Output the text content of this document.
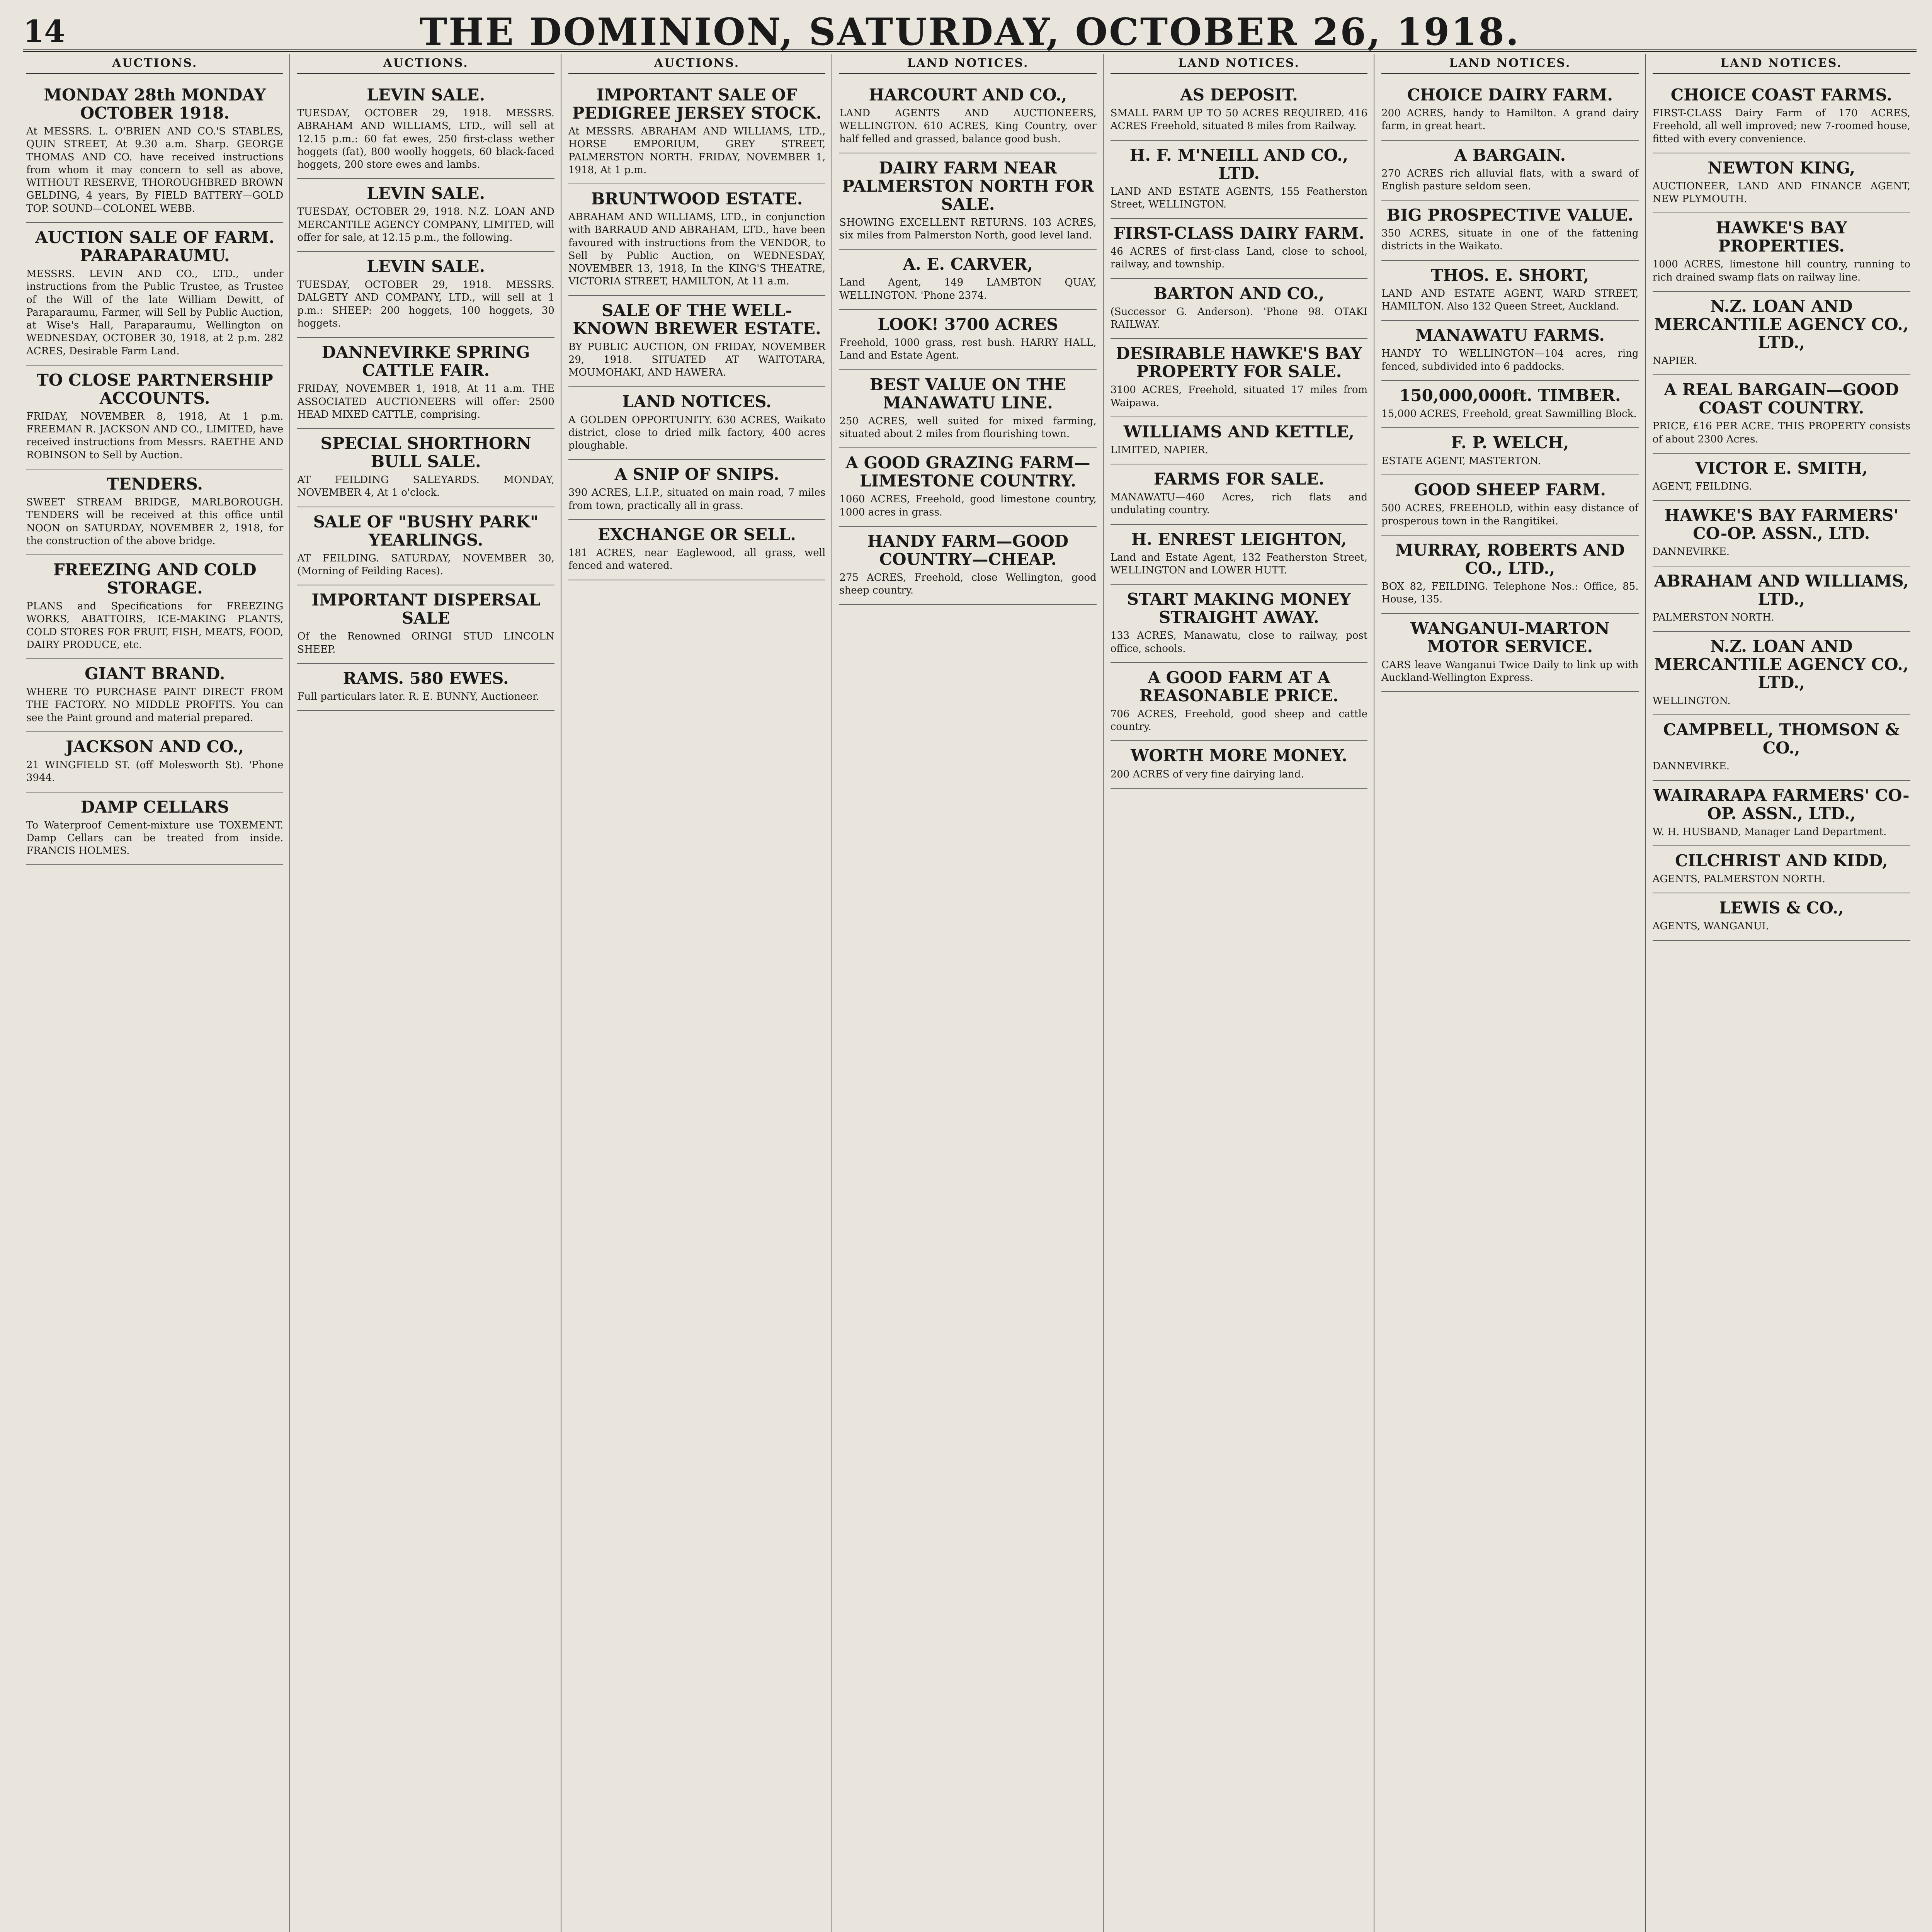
14	THE DOMINION, SATURDAY, OCTOBER 26, 1918.
AUCTIONS.
MONDAY 28th MONDAY OCTOBER 1918.
At MESSRS. L. O'BRIEN AND CO.'S STABLES, QUIN STREET, At 9.30 a.m. Sharp. GEORGE THOMAS AND CO. have received instructions from whom it may concern to sell as above, WITHOUT RESERVE, THOROUGHBRED BROWN GELDING, 4 years, By FIELD BATTERY—GOLD TOP. SOUND—COLONEL WEBB.
AUCTION SALE OF FARM. PARAPARAUMU.
MESSRS. LEVIN AND CO., LTD., under instructions from the Public Trustee, as Trustee of the Will of the late William Dewitt, of Paraparaumu, Farmer, will Sell by Public Auction, at Wise's Hall, Paraparaumu, Wellington on WEDNESDAY, OCTOBER 30, 1918, at 2 p.m. 282 ACRES, Desirable Farm Land.
TO CLOSE PARTNERSHIP ACCOUNTS.
FRIDAY, NOVEMBER 8, 1918, At 1 p.m. FREEMAN R. JACKSON AND CO., LIMITED, have received instructions from Messrs. RAETHE AND ROBINSON to Sell by Auction.
TENDERS.
SWEET STREAM BRIDGE, MARLBOROUGH. TENDERS will be received at this office until NOON on SATURDAY, NOVEMBER 2, 1918, for the construction of the above bridge.
FREEZING AND COLD STORAGE.
PLANS and Specifications for FREEZING WORKS, ABATTOIRS, ICE-MAKING PLANTS, COLD STORES FOR FRUIT, FISH, MEATS, FOOD, DAIRY PRODUCE, etc.
GIANT BRAND.
WHERE TO PURCHASE PAINT DIRECT FROM THE FACTORY. NO MIDDLE PROFITS. You can see the Paint ground and material prepared.
JACKSON AND CO.,
21 WINGFIELD ST. (off Molesworth St). 'Phone 3944.
DAMP CELLARS
To Waterproof Cement-mixture use TOXEMENT. Damp Cellars can be treated from inside. FRANCIS HOLMES.
AUCTIONS.
LEVIN SALE.
TUESDAY, OCTOBER 29, 1918. MESSRS. ABRAHAM AND WILLIAMS, LTD., will sell at 12.15 p.m.: 60 fat ewes, 250 first-class wether hoggets (fat), 800 woolly hoggets, 60 black-faced hoggets, 200 store ewes and lambs.
LEVIN SALE.
TUESDAY, OCTOBER 29, 1918. N.Z. LOAN AND MERCANTILE AGENCY COMPANY, LIMITED, will offer for sale, at 12.15 p.m., the following.
LEVIN SALE.
TUESDAY, OCTOBER 29, 1918. MESSRS. DALGETY AND COMPANY, LTD., will sell at 1 p.m.: SHEEP: 200 hoggets, 100 hoggets, 30 hoggets.
DANNEVIRKE SPRING CATTLE FAIR.
FRIDAY, NOVEMBER 1, 1918, At 11 a.m. THE ASSOCIATED AUCTIONEERS will offer: 2500 HEAD MIXED CATTLE, comprising.
SPECIAL SHORTHORN BULL SALE.
AT FEILDING SALEYARDS. MONDAY, NOVEMBER 4, At 1 o'clock.
SALE OF "BUSHY PARK" YEARLINGS.
AT FEILDING. SATURDAY, NOVEMBER 30, (Morning of Feilding Races).
IMPORTANT DISPERSAL SALE
Of the Renowned ORINGI STUD LINCOLN SHEEP.
RAMS. 580 EWES.
Full particulars later. R. E. BUNNY, Auctioneer.
AUCTIONS.
IMPORTANT SALE OF PEDIGREE JERSEY STOCK.
At MESSRS. ABRAHAM AND WILLIAMS, LTD., HORSE EMPORIUM, GREY STREET, PALMERSTON NORTH. FRIDAY, NOVEMBER 1, 1918, At 1 p.m.
BRUNTWOOD ESTATE.
ABRAHAM AND WILLIAMS, LTD., in conjunction with BARRAUD AND ABRAHAM, LTD., have been favoured with instructions from the VENDOR, to Sell by Public Auction, on WEDNESDAY, NOVEMBER 13, 1918, In the KING'S THEATRE, VICTORIA STREET, HAMILTON, At 11 a.m.
SALE OF THE WELL-KNOWN BREWER ESTATE.
BY PUBLIC AUCTION, ON FRIDAY, NOVEMBER 29, 1918. SITUATED AT WAITOTARA, MOUMOHAKI, AND HAWERA.
LAND NOTICES.
A GOLDEN OPPORTUNITY. 630 ACRES, Waikato district, close to dried milk factory, 400 acres ploughable.
A SNIP OF SNIPS.
390 ACRES, L.I.P., situated on main road, 7 miles from town, practically all in grass.
EXCHANGE OR SELL.
181 ACRES, near Eaglewood, all grass, well fenced and watered.
LAND NOTICES.
HARCOURT AND CO.,
LAND AGENTS AND AUCTIONEERS, WELLINGTON. 610 ACRES, King Country, over half felled and grassed, balance good bush.
DAIRY FARM NEAR PALMERSTON NORTH FOR SALE.
SHOWING EXCELLENT RETURNS. 103 ACRES, six miles from Palmerston North, good level land.
A. E. CARVER,
Land Agent, 149 LAMBTON QUAY, WELLINGTON. 'Phone 2374.
LOOK! 3700 ACRES
Freehold, 1000 grass, rest bush. HARRY HALL, Land and Estate Agent.
BEST VALUE ON THE MANAWATU LINE.
250 ACRES, well suited for mixed farming, situated about 2 miles from flourishing town.
A GOOD GRAZING FARM—LIMESTONE COUNTRY.
1060 ACRES, Freehold, good limestone country, 1000 acres in grass.
HANDY FARM—GOOD COUNTRY—CHEAP.
275 ACRES, Freehold, close Wellington, good sheep country.
LAND NOTICES.
AS DEPOSIT.
SMALL FARM UP TO 50 ACRES REQUIRED. 416 ACRES Freehold, situated 8 miles from Railway.
H. F. M'NEILL AND CO., LTD.
LAND AND ESTATE AGENTS, 155 Featherston Street, WELLINGTON.
FIRST-CLASS DAIRY FARM.
46 ACRES of first-class Land, close to school, railway, and township.
BARTON AND CO.,
(Successor G. Anderson). 'Phone 98. OTAKI RAILWAY.
DESIRABLE HAWKE'S BAY PROPERTY FOR SALE.
3100 ACRES, Freehold, situated 17 miles from Waipawa.
WILLIAMS AND KETTLE,
LIMITED, NAPIER.
FARMS FOR SALE.
MANAWATU—460 Acres, rich flats and undulating country.
H. ENREST LEIGHTON,
Land and Estate Agent, 132 Featherston Street, WELLINGTON and LOWER HUTT.
START MAKING MONEY STRAIGHT AWAY.
133 ACRES, Manawatu, close to railway, post office, schools.
A GOOD FARM AT A REASONABLE PRICE.
706 ACRES, Freehold, good sheep and cattle country.
WORTH MORE MONEY.
200 ACRES of very fine dairying land.
LAND NOTICES.
CHOICE DAIRY FARM.
200 ACRES, handy to Hamilton. A grand dairy farm, in great heart.
A BARGAIN.
270 ACRES rich alluvial flats, with a sward of English pasture seldom seen.
BIG PROSPECTIVE VALUE.
350 ACRES, situate in one of the fattening districts in the Waikato.
THOS. E. SHORT,
LAND AND ESTATE AGENT, WARD STREET, HAMILTON. Also 132 Queen Street, Auckland.
MANAWATU FARMS.
HANDY TO WELLINGTON—104 acres, ring fenced, subdivided into 6 paddocks.
150,000,000ft. TIMBER.
15,000 ACRES, Freehold, great Sawmilling Block.
F. P. WELCH,
ESTATE AGENT, MASTERTON.
GOOD SHEEP FARM.
500 ACRES, FREEHOLD, within easy distance of prosperous town in the Rangitikei.
MURRAY, ROBERTS AND CO., LTD.,
BOX 82, FEILDING. Telephone Nos.: Office, 85. House, 135.
WANGANUI-MARTON MOTOR SERVICE.
CARS leave Wanganui Twice Daily to link up with Auckland-Wellington Express.
LAND NOTICES.
CHOICE COAST FARMS.
FIRST-CLASS Dairy Farm of 170 ACRES, Freehold, all well improved; new 7-roomed house, fitted with every convenience.
NEWTON KING,
AUCTIONEER, LAND AND FINANCE AGENT, NEW PLYMOUTH.
HAWKE'S BAY PROPERTIES.
1000 ACRES, limestone hill country, running to rich drained swamp flats on railway line.
N.Z. LOAN AND MERCANTILE AGENCY CO., LTD.,
NAPIER.
A REAL BARGAIN—GOOD COAST COUNTRY.
PRICE, £16 PER ACRE. THIS PROPERTY consists of about 2300 Acres.
VICTOR E. SMITH,
AGENT, FEILDING.
HAWKE'S BAY FARMERS' CO-OP. ASSN., LTD.
DANNEVIRKE.
ABRAHAM AND WILLIAMS, LTD.,
PALMERSTON NORTH.
N.Z. LOAN AND MERCANTILE AGENCY CO., LTD.,
WELLINGTON.
CAMPBELL, THOMSON & CO.,
DANNEVIRKE.
WAIRARAPA FARMERS' CO-OP. ASSN., LTD.,
W. H. HUSBAND, Manager Land Department.
CILCHRIST AND KIDD,
AGENTS, PALMERSTON NORTH.
LEWIS & CO.,
AGENTS, WANGANUI.
